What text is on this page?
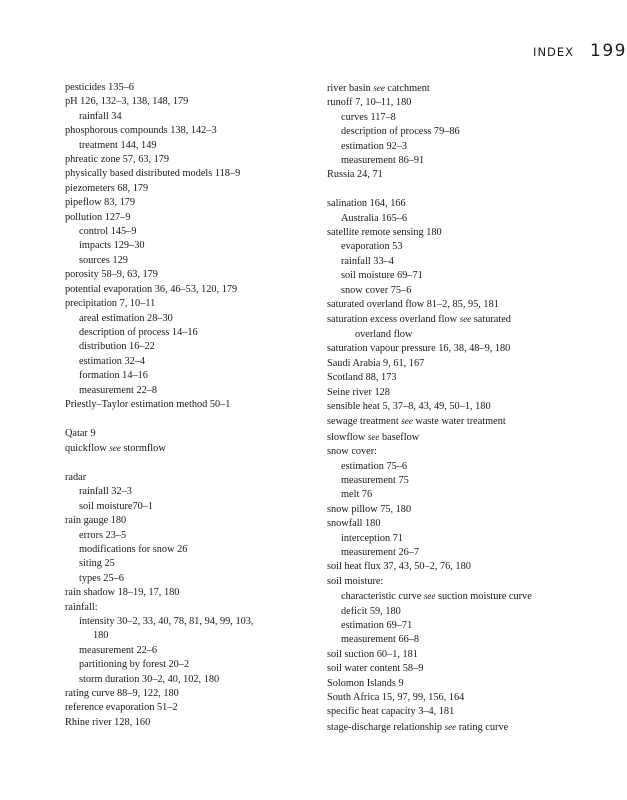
INDEX 199
pesticides 135–6
pH 126, 132–3, 138, 148, 179
rainfall 34
phosphorous compounds 138, 142–3
treatment 144, 149
phreatic zone 57, 63, 179
physically based distributed models 118–9
piezometers 68, 179
pipeflow 83, 179
pollution 127–9
control 145–9
impacts 129–30
sources 129
porosity 58–9, 63, 179
potential evaporation 36, 46–53, 120, 179
precipitation 7, 10–11
areal estimation 28–30
description of process 14–16
distribution 16–22
estimation 32–4
formation 14–16
measurement 22–8
Priestly–Taylor estimation method 50–1
Qatar 9
quickflow see stormflow
radar
rainfall 32–3
soil moisture70–1
rain gauge 180
errors 23–5
modifications for snow 26
siting 25
types 25–6
rain shadow 18–19, 17, 180
rainfall:
intensity 30–2, 33, 40, 78, 81, 94, 99, 103,
180
measurement 22–6
partitioning by forest 20–2
storm duration 30–2, 40, 102, 180
rating curve 88–9, 122, 180
reference evaporation 51–2
Rhine river 128, 160
river basin see catchment
runoff 7, 10–11, 180
curves 117–8
description of process 79–86
estimation 92–3
measurement 86–91
Russia 24, 71
salination 164, 166
Australia 165–6
satellite remote sensing 180
evaporation 53
rainfall 33–4
soil moisture 69–71
snow cover 75–6
saturated overland flow 81–2, 85, 95, 181
saturation excess overland flow see saturated
overland flow
saturation vapour pressure 16, 38, 48–9, 180
Saudi Arabia 9, 61, 167
Scotland 88, 173
Seine river 128
sensible heat 5, 37–8, 43, 49, 50–1, 180
sewage treatment see waste water treatment
slowflow see baseflow
snow cover:
estimation 75–6
measurement 75
melt 76
snow pillow 75, 180
snowfall 180
interception 71
measurement 26–7
soil heat flux 37, 43, 50–2, 76, 180
soil moisture:
characteristic curve see suction moisture curve
deficit 59, 180
estimation 69–71
measurement 66–8
soil suction 60–1, 181
soil water content 58–9
Solomon Islands 9
South Africa 15, 97, 99, 156, 164
specific heat capacity 3–4, 181
stage-discharge relationship see rating curve
